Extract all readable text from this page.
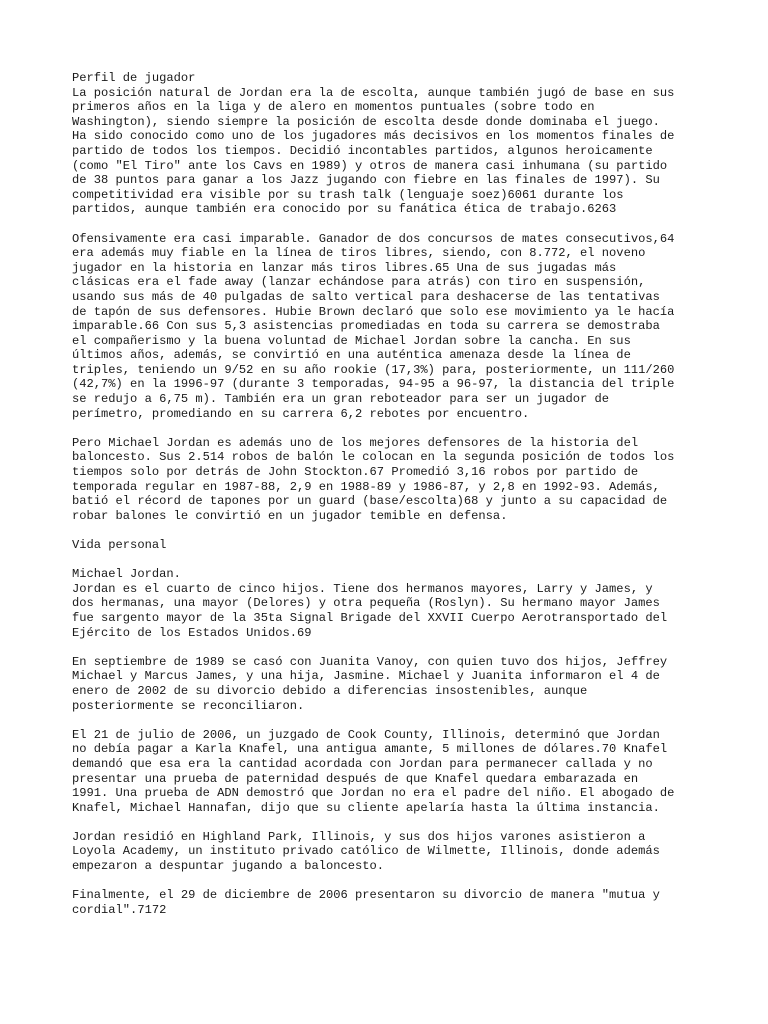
Perfil de jugador
La posición natural de Jordan era la de escolta, aunque también jugó de base en sus
primeros años en la liga y de alero en momentos puntuales (sobre todo en
Washington), siendo siempre la posición de escolta desde donde dominaba el juego.
Ha sido conocido como uno de los jugadores más decisivos en los momentos finales de
partido de todos los tiempos. Decidió incontables partidos, algunos heroicamente
(como "El Tiro" ante los Cavs en 1989) y otros de manera casi inhumana (su partido
de 38 puntos para ganar a los Jazz jugando con fiebre en las finales de 1997). Su
competitividad era visible por su trash talk (lenguaje soez)6061 durante los
partidos, aunque también era conocido por su fanática ética de trabajo.6263
Ofensivamente era casi imparable. Ganador de dos concursos de mates consecutivos,64
era además muy fiable en la línea de tiros libres, siendo, con 8.772, el noveno
jugador en la historia en lanzar más tiros libres.65 Una de sus jugadas más
clásicas era el fade away (lanzar echándose para atrás) con tiro en suspensión,
usando sus más de 40 pulgadas de salto vertical para deshacerse de las tentativas
de tapón de sus defensores. Hubie Brown declaró que solo ese movimiento ya le hacía
imparable.66 Con sus 5,3 asistencias promediadas en toda su carrera se demostraba
el compañerismo y la buena voluntad de Michael Jordan sobre la cancha. En sus
últimos años, además, se convirtió en una auténtica amenaza desde la línea de
triples, teniendo un 9/52 en su año rookie (17,3%) para, posteriormente, un 111/260
(42,7%) en la 1996-97 (durante 3 temporadas, 94-95 a 96-97, la distancia del triple
se redujo a 6,75 m). También era un gran reboteador para ser un jugador de
perímetro, promediando en su carrera 6,2 rebotes por encuentro.
Pero Michael Jordan es además uno de los mejores defensores de la historia del
baloncesto. Sus 2.514 robos de balón le colocan en la segunda posición de todos los
tiempos solo por detrás de John Stockton.67 Promedió 3,16 robos por partido de
temporada regular en 1987-88, 2,9 en 1988-89 y 1986-87, y 2,8 en 1992-93. Además,
batió el récord de tapones por un guard (base/escolta)68 y junto a su capacidad de
robar balones le convirtió en un jugador temible en defensa.
Vida personal
Michael Jordan.
Jordan es el cuarto de cinco hijos. Tiene dos hermanos mayores, Larry y James, y
dos hermanas, una mayor (Delores) y otra pequeña (Roslyn). Su hermano mayor James
fue sargento mayor de la 35ta Signal Brigade del XXVII Cuerpo Aerotransportado del
Ejército de los Estados Unidos.69
En septiembre de 1989 se casó con Juanita Vanoy, con quien tuvo dos hijos, Jeffrey
Michael y Marcus James, y una hija, Jasmine. Michael y Juanita informaron el 4 de
enero de 2002 de su divorcio debido a diferencias insostenibles, aunque
posteriormente se reconciliaron.
El 21 de julio de 2006, un juzgado de Cook County, Illinois, determinó que Jordan
no debía pagar a Karla Knafel, una antigua amante, 5 millones de dólares.70 Knafel
demandó que esa era la cantidad acordada con Jordan para permanecer callada y no
presentar una prueba de paternidad después de que Knafel quedara embarazada en
1991. Una prueba de ADN demostró que Jordan no era el padre del niño. El abogado de
Knafel, Michael Hannafan, dijo que su cliente apelaría hasta la última instancia.
Jordan residió en Highland Park, Illinois, y sus dos hijos varones asistieron a
Loyola Academy, un instituto privado católico de Wilmette, Illinois, donde además
empezaron a despuntar jugando a baloncesto.
Finalmente, el 29 de diciembre de 2006 presentaron su divorcio de manera "mutua y
cordial".7172
